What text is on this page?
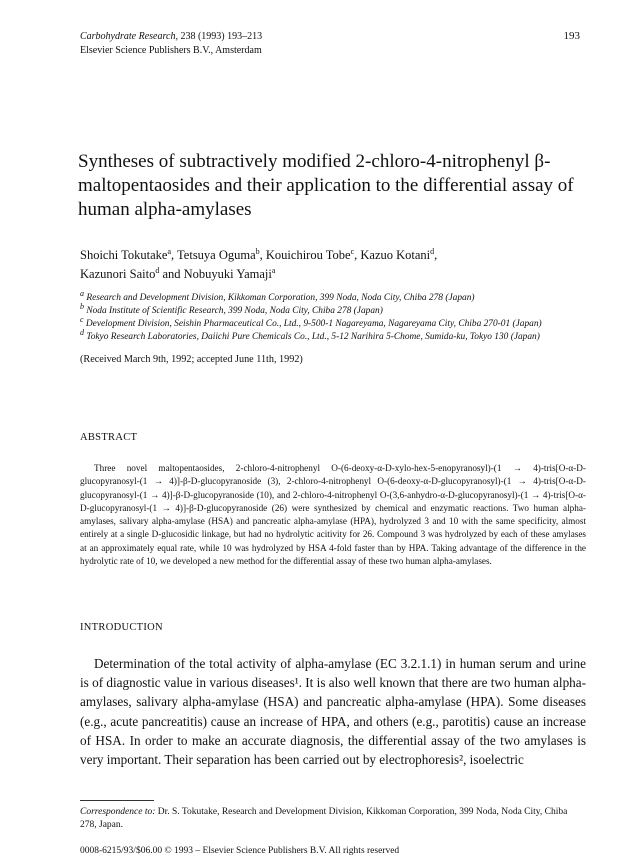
Carbohydrate Research, 238 (1993) 193–213
Elsevier Science Publishers B.V., Amsterdam
193
Syntheses of subtractively modified 2-chloro-4-nitrophenyl β-maltopentaosides and their application to the differential assay of human alpha-amylases
Shoichi Tokutake$^a$, Tetsuya Oguma$^b$, Kouichirou Tobe$^c$, Kazuo Kotani$^d$,
Kazunori Saito$^d$ and Nobuyuki Yamaji$^a$
$^a$ Research and Development Division, Kikkoman Corporation, 399 Noda, Noda City, Chiba 278 (Japan)
$^b$ Noda Institute of Scientific Research, 399 Noda, Noda City, Chiba 278 (Japan)
$^c$ Development Division, Seishin Pharmaceutical Co., Ltd., 9-500-1 Nagareyama, Nagareyama City, Chiba 270-01 (Japan)
$^d$ Tokyo Research Laboratories, Daiichi Pure Chemicals Co., Ltd., 5-12 Narihira 5-Chome, Sumida-ku, Tokyo 130 (Japan)
(Received March 9th, 1992; accepted June 11th, 1992)
ABSTRACT

Three novel maltopentaosides, 2-chloro-4-nitrophenyl O-(6-deoxy-α-D-xylo-hex-5-enopyranosyl)-(1 → 4)-tris[O-α-D-glucopyranosyl-(1 → 4)]-β-D-glucopyranoside (3), 2-chloro-4-nitrophenyl O-(6-deoxy-α-D-glucopyranosyl)-(1 → 4)-tris[O-α-D-glucopyranosyl-(1 → 4)]-β-D-glucopyranoside (10), and 2-chloro-4-nitrophenyl O-(3,6-anhydro-α-D-glucopyranosyl)-(1 → 4)-tris[O-α-D-glucopyranosyl-(1 → 4)]-β-D-glucopyranoside (26) were synthesized by chemical and enzymatic reactions. Two human alpha-amylases, salivary alpha-amylase (HSA) and pancreatic alpha-amylase (HPA), hydrolyzed 3 and 10 with the same specificity, almost entirely at a single D-glucosidic linkage, but had no hydrolytic acitivity for 26. Compound 3 was hydrolyzed by each of these amylases at an approximately equal rate, while 10 was hydrolyzed by HSA 4-fold faster than by HPA. Taking advantage of the difference in the hydrolytic rate of 10, we developed a new method for the differential assay of these two human alpha-amylases.

INTRODUCTION

Determination of the total activity of alpha-amylase (EC 3.2.1.1) in human serum and urine is of diagnostic value in various diseases¹. It is also well known that there are two human alpha-amylases, salivary alpha-amylase (HSA) and pancreatic alpha-amylase (HPA). Some diseases (e.g., acute pancreatitis) cause an increase of HPA, and others (e.g., parotitis) cause an increase of HSA. In order to make an accurate diagnosis, the differential assay of the two amylases is very important. Their separation has been carried out by electrophoresis², isoelectric

Correspondence to: Dr. S. Tokutake, Research and Development Division, Kikkoman Corporation, 399 Noda, Noda City, Chiba 278, Japan.
0008-6215/93/$06.00 © 1993 – Elsevier Science Publishers B.V. All rights reserved
